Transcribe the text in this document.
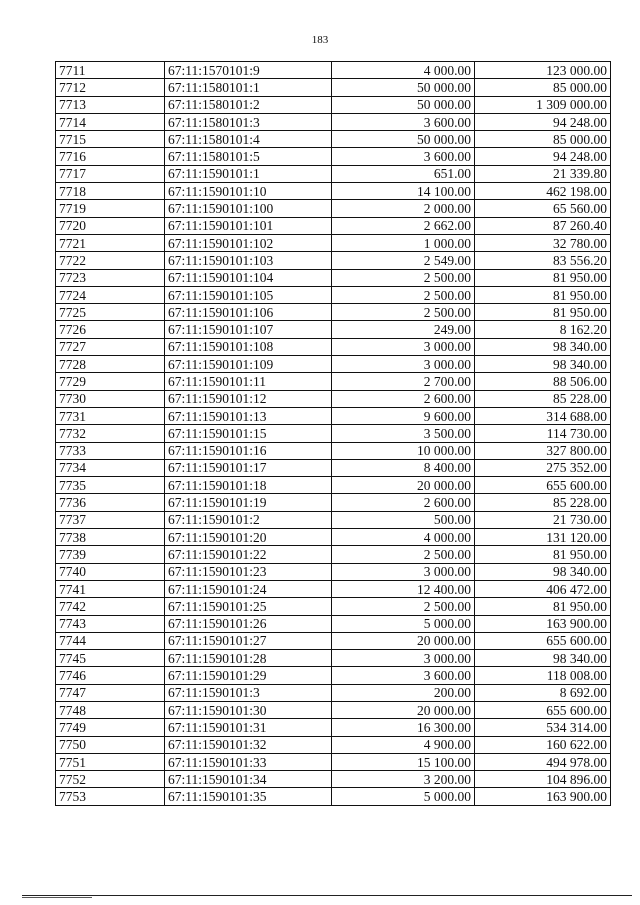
183
7711	67:11:1570101:9	4 000.00	123 000.00
7712	67:11:1580101:1	50 000.00	85 000.00
7713	67:11:1580101:2	50 000.00	1 309 000.00
7714	67:11:1580101:3	3 600.00	94 248.00
7715	67:11:1580101:4	50 000.00	85 000.00
7716	67:11:1580101:5	3 600.00	94 248.00
7717	67:11:1590101:1	651.00	21 339.80
7718	67:11:1590101:10	14 100.00	462 198.00
7719	67:11:1590101:100	2 000.00	65 560.00
7720	67:11:1590101:101	2 662.00	87 260.40
7721	67:11:1590101:102	1 000.00	32 780.00
7722	67:11:1590101:103	2 549.00	83 556.20
7723	67:11:1590101:104	2 500.00	81 950.00
7724	67:11:1590101:105	2 500.00	81 950.00
7725	67:11:1590101:106	2 500.00	81 950.00
7726	67:11:1590101:107	249.00	8 162.20
7727	67:11:1590101:108	3 000.00	98 340.00
7728	67:11:1590101:109	3 000.00	98 340.00
7729	67:11:1590101:11	2 700.00	88 506.00
7730	67:11:1590101:12	2 600.00	85 228.00
7731	67:11:1590101:13	9 600.00	314 688.00
7732	67:11:1590101:15	3 500.00	114 730.00
7733	67:11:1590101:16	10 000.00	327 800.00
7734	67:11:1590101:17	8 400.00	275 352.00
7735	67:11:1590101:18	20 000.00	655 600.00
7736	67:11:1590101:19	2 600.00	85 228.00
7737	67:11:1590101:2	500.00	21 730.00
7738	67:11:1590101:20	4 000.00	131 120.00
7739	67:11:1590101:22	2 500.00	81 950.00
7740	67:11:1590101:23	3 000.00	98 340.00
7741	67:11:1590101:24	12 400.00	406 472.00
7742	67:11:1590101:25	2 500.00	81 950.00
7743	67:11:1590101:26	5 000.00	163 900.00
7744	67:11:1590101:27	20 000.00	655 600.00
7745	67:11:1590101:28	3 000.00	98 340.00
7746	67:11:1590101:29	3 600.00	118 008.00
7747	67:11:1590101:3	200.00	8 692.00
7748	67:11:1590101:30	20 000.00	655 600.00
7749	67:11:1590101:31	16 300.00	534 314.00
7750	67:11:1590101:32	4 900.00	160 622.00
7751	67:11:1590101:33	15 100.00	494 978.00
7752	67:11:1590101:34	3 200.00	104 896.00
7753	67:11:1590101:35	5 000.00	163 900.00
